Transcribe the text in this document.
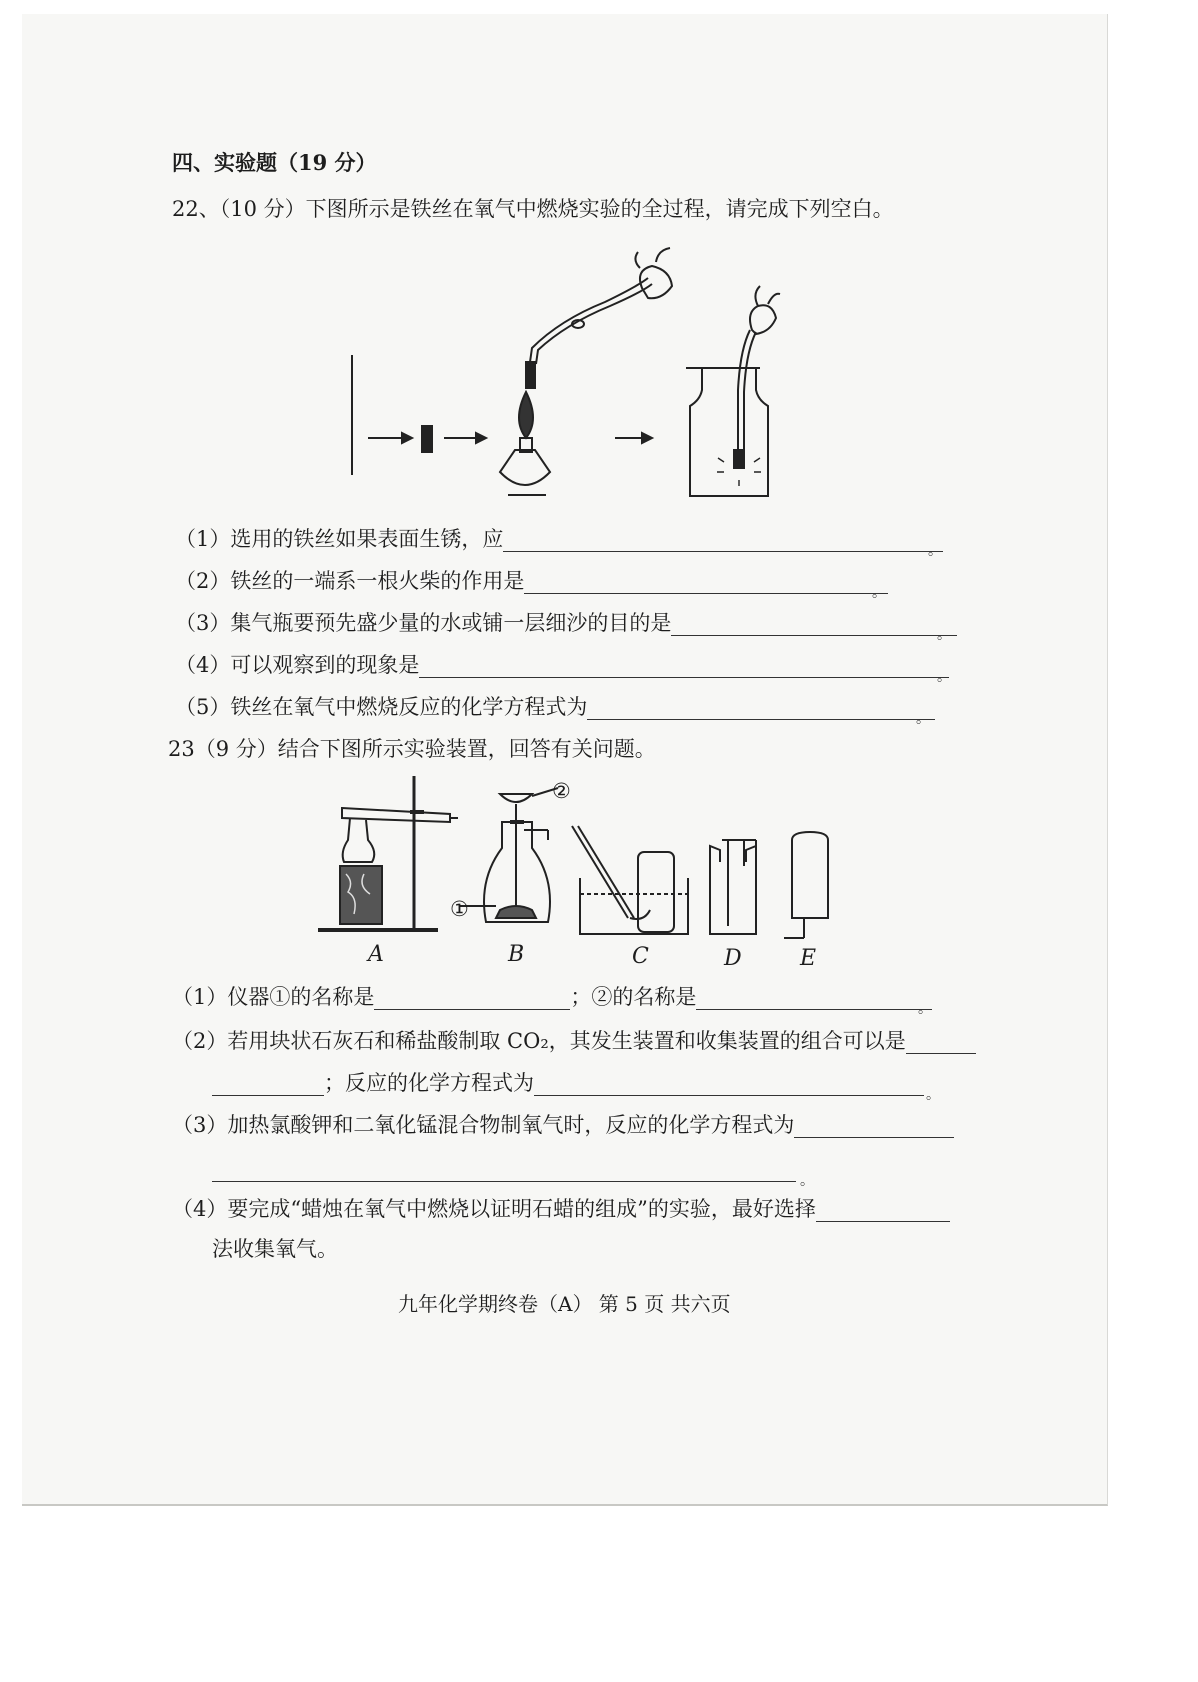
四、实验题（19 分）
22、（10 分）下图所示是铁丝在氧气中燃烧实验的全过程，请完成下列空白。
（1）选用的铁丝如果表面生锈，应	。
（2）铁丝的一端系一根火柴的作用是	。
（3）集气瓶要预先盛少量的水或铺一层细沙的目的是	。
（4）可以观察到的现象是	。
（5）铁丝在氧气中燃烧反应的化学方程式为	。
23（9 分）结合下图所示实验装置，回答有关问题。
②
①
A	B	C	D	E
（1）仪器①的名称是	；②的名称是	。
（2）若用块状石灰石和稀盐酸制取 CO₂，其发生装置和收集装置的组合可以是
；反应的化学方程式为	。
（3）加热氯酸钾和二氧化锰混合物制氧气时，反应的化学方程式为
。
（4）要完成“蜡烛在氧气中燃烧以证明石蜡的组成”的实验，最好选择
法收集氧气。
九年化学期终卷（A） 第 5 页 共六页
